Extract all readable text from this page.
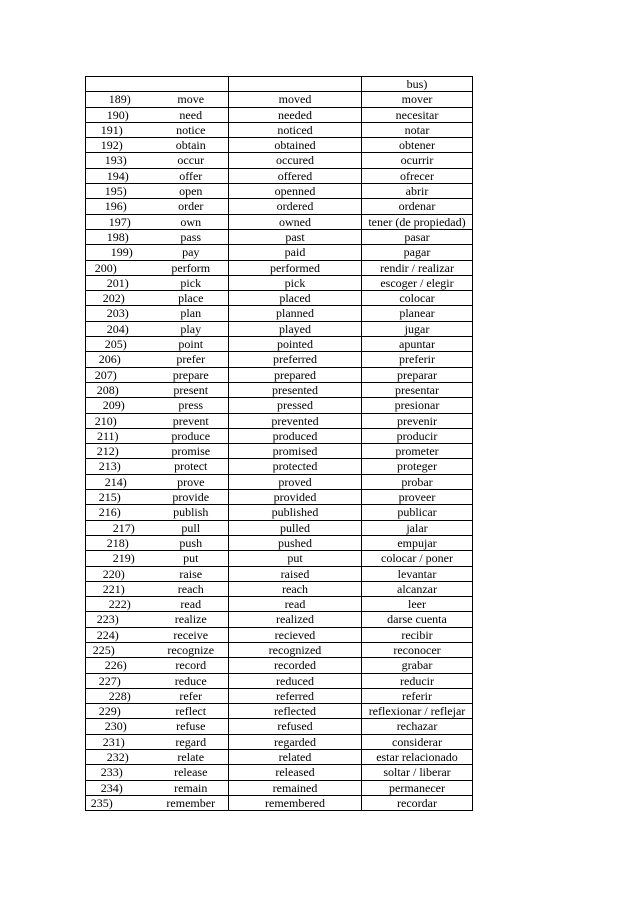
			bus)
189)	move	moved	mover
190)	need	needed	necesitar
191)	notice	noticed	notar
192)	obtain	obtained	obtener
193)	occur	occured	ocurrir
194)	offer	offered	ofrecer
195)	open	openned	abrir
196)	order	ordered	ordenar
197)	own	owned	tener (de propiedad)
198)	pass	past	pasar
199)	pay	paid	pagar
200)	perform	performed	rendir / realizar
201)	pick	pick	escoger / elegir
202)	place	placed	colocar
203)	plan	planned	planear
204)	play	played	jugar
205)	point	pointed	apuntar
206)	prefer	preferred	preferir
207)	prepare	prepared	preparar
208)	present	presented	presentar
209)	press	pressed	presionar
210)	prevent	prevented	prevenir
211)	produce	produced	producir
212)	promise	promised	prometer
213)	protect	protected	proteger
214)	prove	proved	probar
215)	provide	provided	proveer
216)	publish	published	publicar
217)	pull	pulled	jalar
218)	push	pushed	empujar
219)	put	put	colocar / poner
220)	raise	raised	levantar
221)	reach	reach	alcanzar
222)	read	read	leer
223)	realize	realized	darse cuenta
224)	receive	recieved	recibir
225)	recognize	recognized	reconocer
226)	record	recorded	grabar
227)	reduce	reduced	reducir
228)	refer	referred	referir
229)	reflect	reflected	reflexionar / reflejar
230)	refuse	refused	rechazar
231)	regard	regarded	considerar
232)	relate	related	estar relacionado
233)	release	released	soltar / liberar
234)	remain	remained	permanecer
235)	remember	remembered	recordar
